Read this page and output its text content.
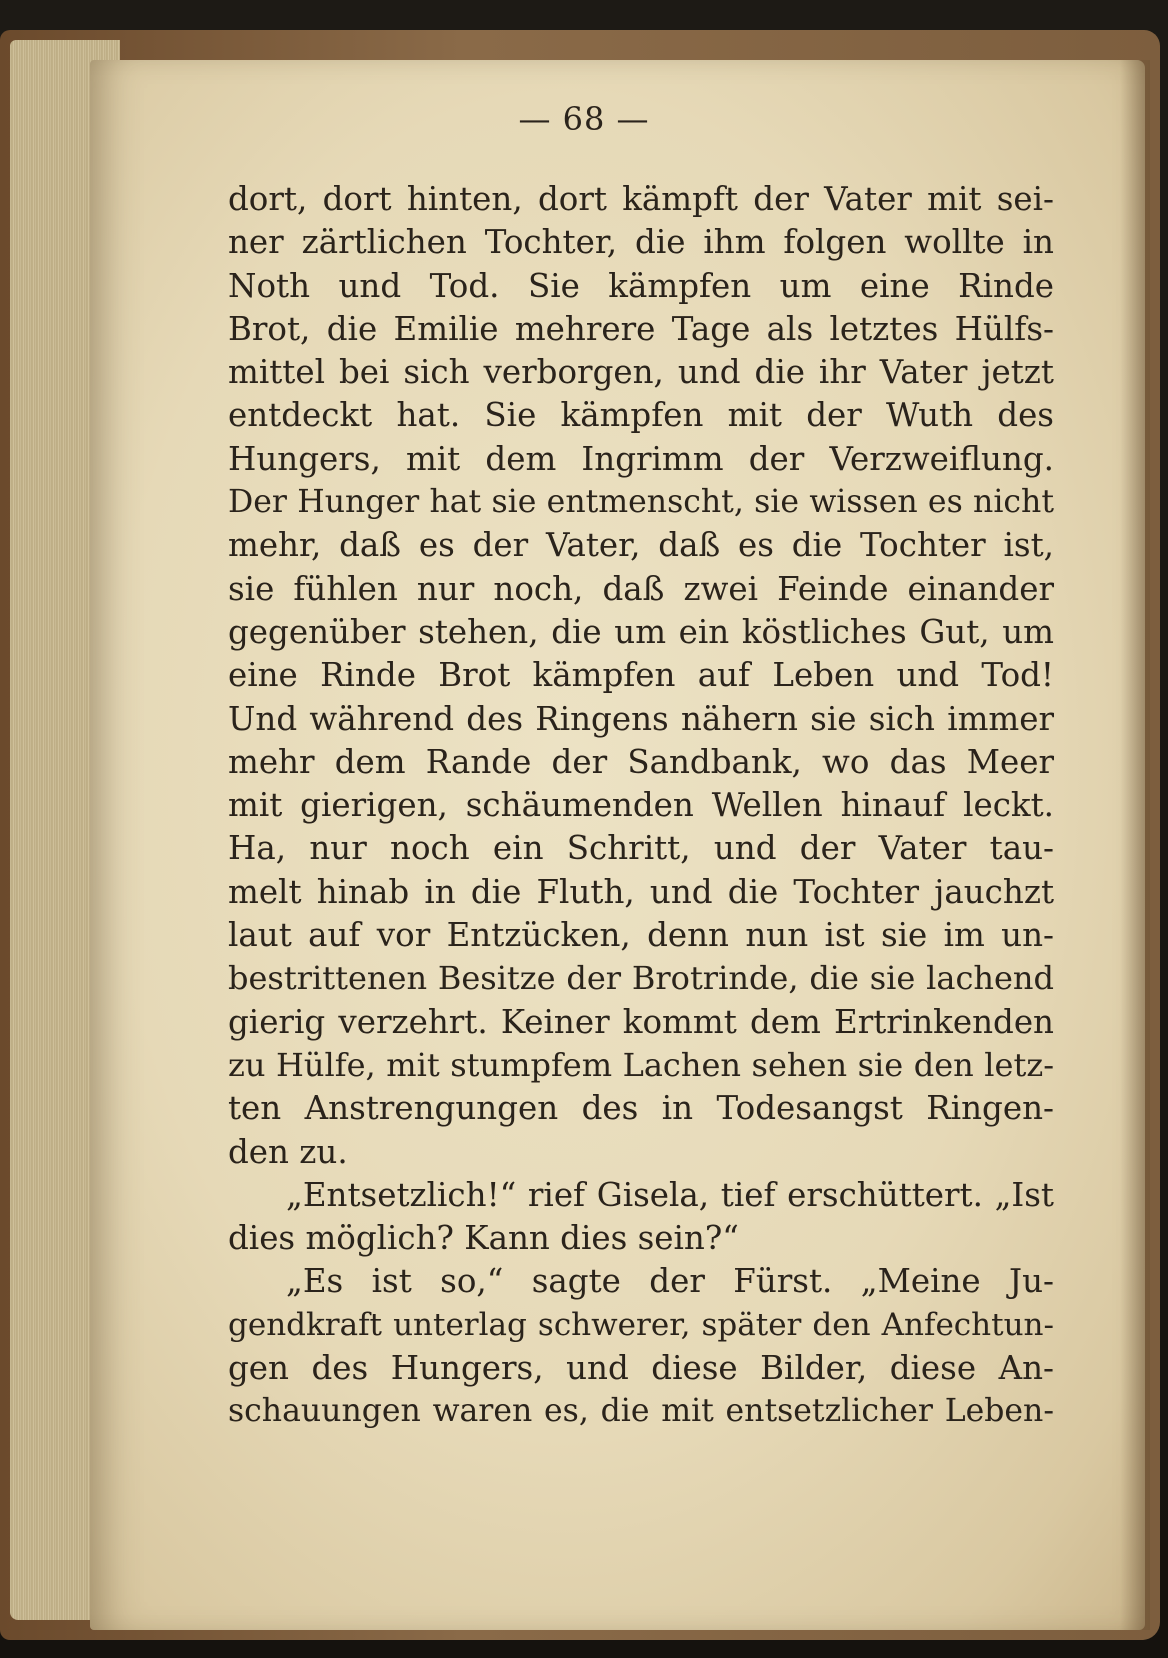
— 68 —
dort, dort hinten, dort kämpft der Vater mit sei-
ner zärtlichen Tochter, die ihm folgen wollte in
Noth und Tod. Sie kämpfen um eine Rinde
Brot, die Emilie mehrere Tage als letztes Hülfs-
mittel bei sich verborgen, und die ihr Vater jetzt
entdeckt hat. Sie kämpfen mit der Wuth des
Hungers, mit dem Ingrimm der Verzweiflung.
Der Hunger hat sie entmenscht, sie wissen es nicht
mehr, daß es der Vater, daß es die Tochter ist,
sie fühlen nur noch, daß zwei Feinde einander
gegenüber stehen, die um ein köstliches Gut, um
eine Rinde Brot kämpfen auf Leben und Tod!
Und während des Ringens nähern sie sich immer
mehr dem Rande der Sandbank, wo das Meer
mit gierigen, schäumenden Wellen hinauf leckt.
Ha, nur noch ein Schritt, und der Vater tau-
melt hinab in die Fluth, und die Tochter jauchzt
laut auf vor Entzücken, denn nun ist sie im un-
bestrittenen Besitze der Brotrinde, die sie lachend
gierig verzehrt. Keiner kommt dem Ertrinkenden
zu Hülfe, mit stumpfem Lachen sehen sie den letz-
ten Anstrengungen des in Todesangst Ringen-
den zu.
„Entsetzlich!“ rief Gisela, tief erschüttert. „Ist
dies möglich? Kann dies sein?“
„Es ist so,“ sagte der Fürst. „Meine Ju-
gendkraft unterlag schwerer, später den Anfechtun-
gen des Hungers, und diese Bilder, diese An-
schauungen waren es, die mit entsetzlicher Leben-
